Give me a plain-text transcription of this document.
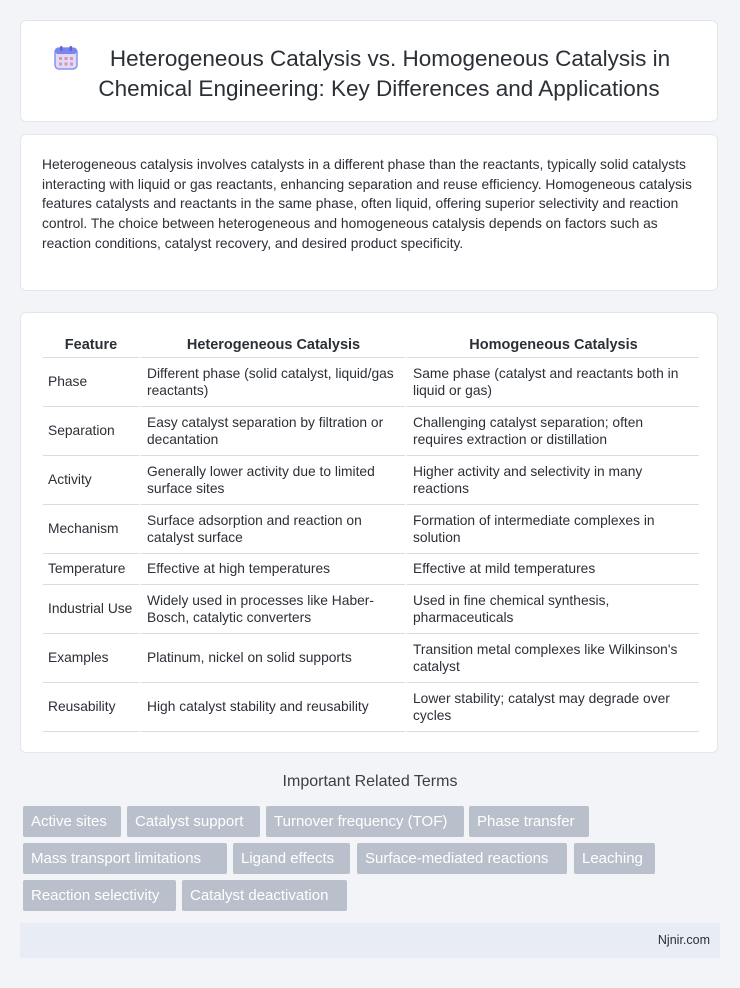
Heterogeneous Catalysis vs. Homogeneous Catalysis in Chemical Engineering: Key Differences and Applications

Heterogeneous catalysis involves catalysts in a different phase than the reactants, typically solid catalysts interacting with liquid or gas reactants, enhancing separation and reuse efficiency. Homogeneous catalysis features catalysts and reactants in the same phase, often liquid, offering superior selectivity and reaction control. The choice between heterogeneous and homogeneous catalysis depends on factors such as reaction conditions, catalyst recovery, and desired product specificity.

Feature	Heterogeneous Catalysis	Homogeneous Catalysis
Phase	Different phase (solid catalyst, liquid/gas reactants)	Same phase (catalyst and reactants both in liquid or gas)
Separation	Easy catalyst separation by filtration or decantation	Challenging catalyst separation; often requires extraction or distillation
Activity	Generally lower activity due to limited surface sites	Higher activity and selectivity in many reactions
Mechanism	Surface adsorption and reaction on catalyst surface	Formation of intermediate complexes in solution
Temperature	Effective at high temperatures	Effective at mild temperatures
Industrial Use	Widely used in processes like Haber-Bosch, catalytic converters	Used in fine chemical synthesis, pharmaceuticals
Examples	Platinum, nickel on solid supports	Transition metal complexes like Wilkinson's catalyst
Reusability	High catalyst stability and reusability	Lower stability; catalyst may degrade over cycles
Important Related Terms
Active sites	Catalyst support	Turnover frequency (TOF)	Phase transfer
Mass transport limitations	Ligand effects	Surface-mediated reactions	Leaching
Reaction selectivity	Catalyst deactivation
Njnir.com
